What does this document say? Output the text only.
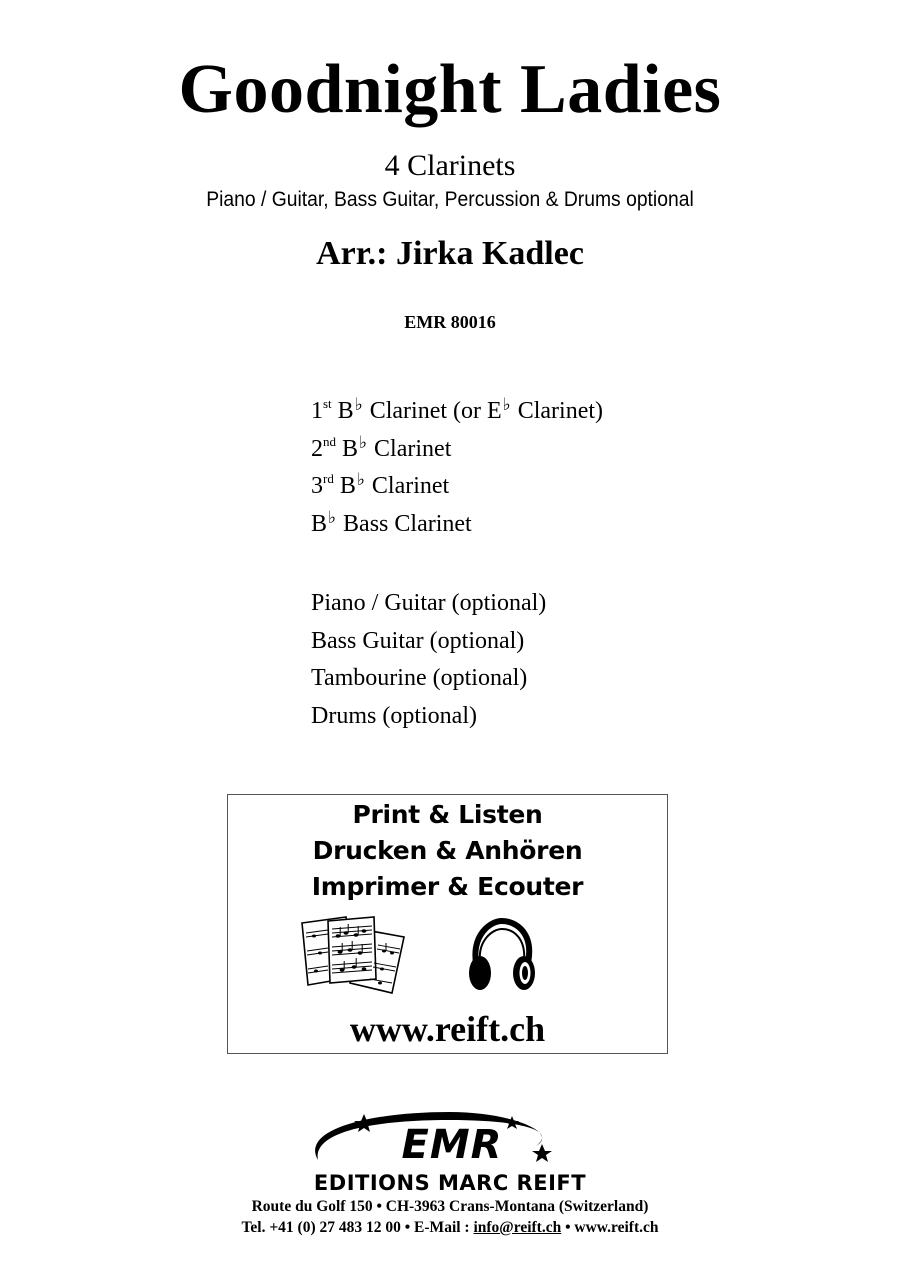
Goodnight Ladies
4 Clarinets
Piano / Guitar, Bass Guitar, Percussion & Drums optional
Arr.: Jirka Kadlec
EMR 80016
1st B♭ Clarinet (or E♭ Clarinet)
2nd B♭ Clarinet
3rd B♭ Clarinet
B♭ Bass Clarinet
Piano / Guitar (optional)
Bass Guitar (optional)
Tambourine (optional)
Drums (optional)
Print & Listen
Drucken & Anhören
Imprimer & Ecouter
www.reift.ch
EMR
EDITIONS MARC REIFT
Route du Golf 150 • CH-3963 Crans-Montana (Switzerland)
Tel. +41 (0) 27 483 12 00 • E-Mail : info@reift.ch • www.reift.ch
